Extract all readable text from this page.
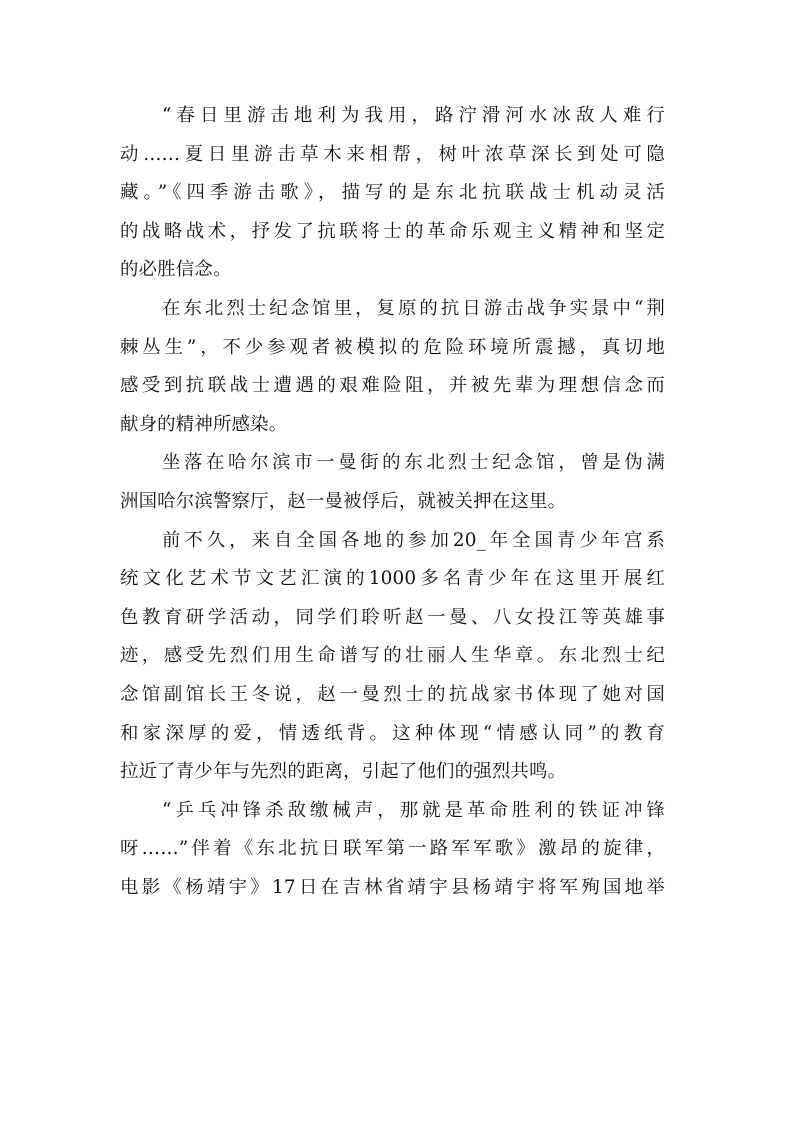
“春日里游击地利为我用，路泞滑河水冰敌人难行
动……夏日里游击草木来相帮，树叶浓草深长到处可隐
藏。”《四季游击歌》，描写的是东北抗联战士机动灵活
的战略战术，抒发了抗联将士的革命乐观主义精神和坚定
的必胜信念。
在东北烈士纪念馆里，复原的抗日游击战争实景中“荆
棘丛生”，不少参观者被模拟的危险环境所震撼，真切地
感受到抗联战士遭遇的艰难险阻，并被先辈为理想信念而
献身的精神所感染。
坐落在哈尔滨市一曼街的东北烈士纪念馆，曾是伪满
洲国哈尔滨警察厅，赵一曼被俘后，就被关押在这里。
前不久，来自全国各地的参加20_年全国青少年宫系
统文化艺术节文艺汇演的1000多名青少年在这里开展红
色教育研学活动，同学们聆听赵一曼、八女投江等英雄事
迹，感受先烈们用生命谱写的壮丽人生华章。东北烈士纪
念馆副馆长王冬说，赵一曼烈士的抗战家书体现了她对国
和家深厚的爱，情透纸背。这种体现“情感认同”的教育
拉近了青少年与先烈的距离，引起了他们的强烈共鸣。
“乒乓冲锋杀敌缴械声，那就是革命胜利的铁证冲锋
呀……”伴着《东北抗日联军第一路军军歌》激昂的旋律，
电影《杨靖宇》17日在吉林省靖宇县杨靖宇将军殉国地举
